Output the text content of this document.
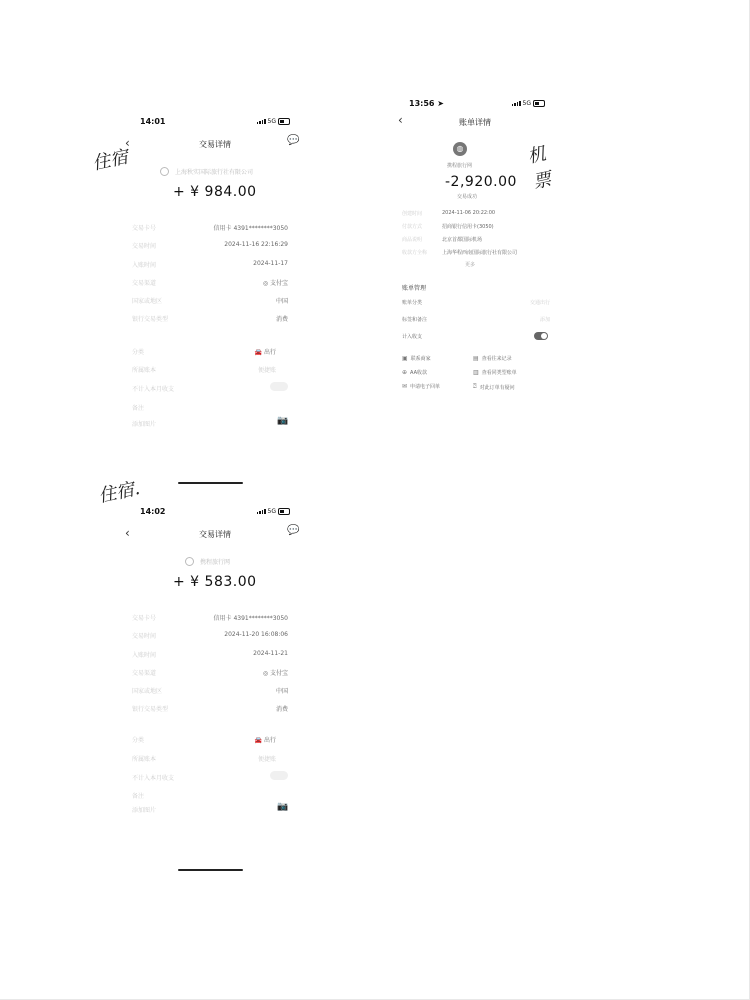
14:01	5G
‹	交易详情	💬
住宿	上海秋实国际旅行社有限公司
+ ¥ 984.00
交易卡号	信用卡 4391********3050
交易时间	2024-11-16 22:16:29
入账时间	2024-11-17
交易渠道	◎ 支付宝
国家或地区	中国
银行交易类型	消费
分类	🚘 出行
所属账本	便捷账
不计入本月收支
备注
添加图片	📷
13:56 ➤	5G
‹	账单详情
机票
◍
携程旅行网
-2,920.00
交易成功
创建时间	2024-11-06 20:22:00
付款方式	招商银行信用卡(3050)
商品说明	北京首都国际机场
收款方全称	上海华程西南国际旅行社有限公司
更多
账单管理
账单分类	交通出行
标签和备注	添加
计入收支
▣ 联系商家	▤ 查看往来记录
⊕ AA收款	▥ 查看同类型账单
✉ 申请电子回单	⍰ 对此订单有疑问
住宿.
14:02	5G
‹	交易详情	💬
携程旅行网
+ ¥ 583.00
交易卡号	信用卡 4391********3050
交易时间	2024-11-20 16:08:06
入账时间	2024-11-21
交易渠道	◎ 支付宝
国家或地区	中国
银行交易类型	消费
分类	🚘 出行
所属账本	便捷账
不计入本月收支
备注
添加图片	📷
